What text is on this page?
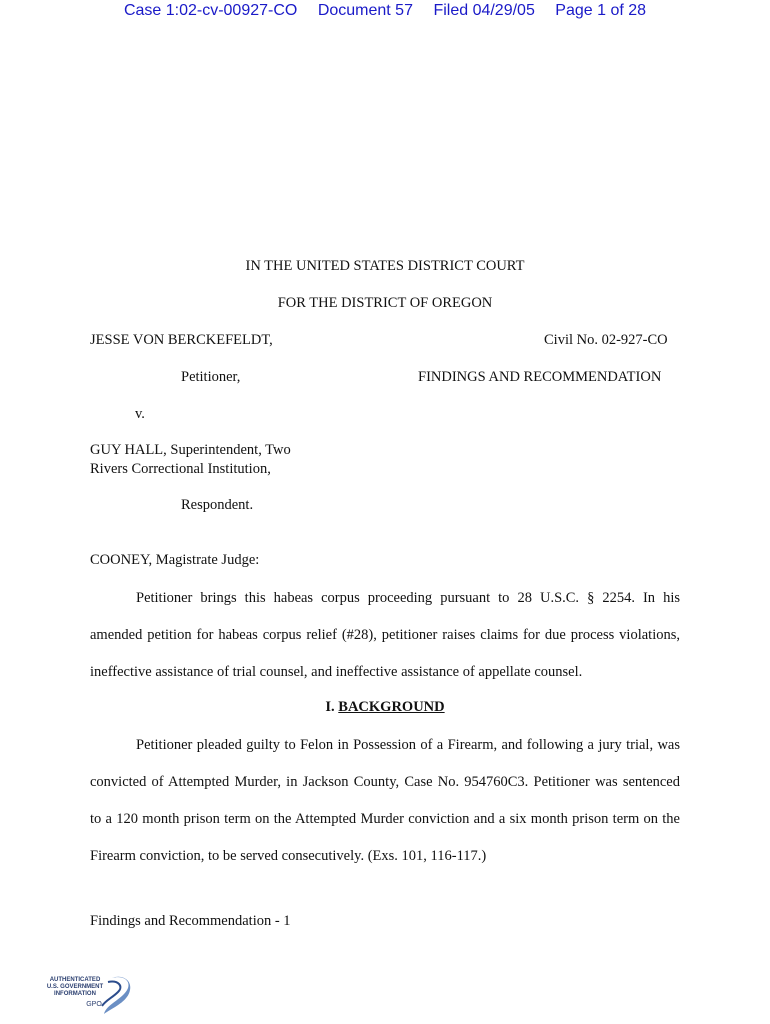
Case 1:02-cv-00927-CO Document 57 Filed 04/29/05 Page 1 of 28
IN THE UNITED STATES DISTRICT COURT
FOR THE DISTRICT OF OREGON
JESSE VON BERCKEFELDT,	Civil No. 02-927-CO
Petitioner,	FINDINGS AND RECOMMENDATION
v.
GUY HALL, Superintendent, Two
Rivers Correctional Institution,
Respondent.
COONEY, Magistrate Judge:
Petitioner brings this habeas corpus proceeding pursuant to 28 U.S.C. § 2254. In his
amended petition for habeas corpus relief (#28), petitioner raises claims for due process violations,
ineffective assistance of trial counsel, and ineffective assistance of appellate counsel.
I. BACKGROUND
Petitioner pleaded guilty to Felon in Possession of a Firearm, and following a jury trial, was
convicted of Attempted Murder, in Jackson County, Case No. 954760C3. Petitioner was sentenced
to a 120 month prison term on the Attempted Murder conviction and a six month prison term on the
Firearm conviction, to be served consecutively. (Exs. 101, 116-117.)
Findings and Recommendation - 1
AUTHENTICATED
U.S. GOVERNMENT
INFORMATION
GPO
